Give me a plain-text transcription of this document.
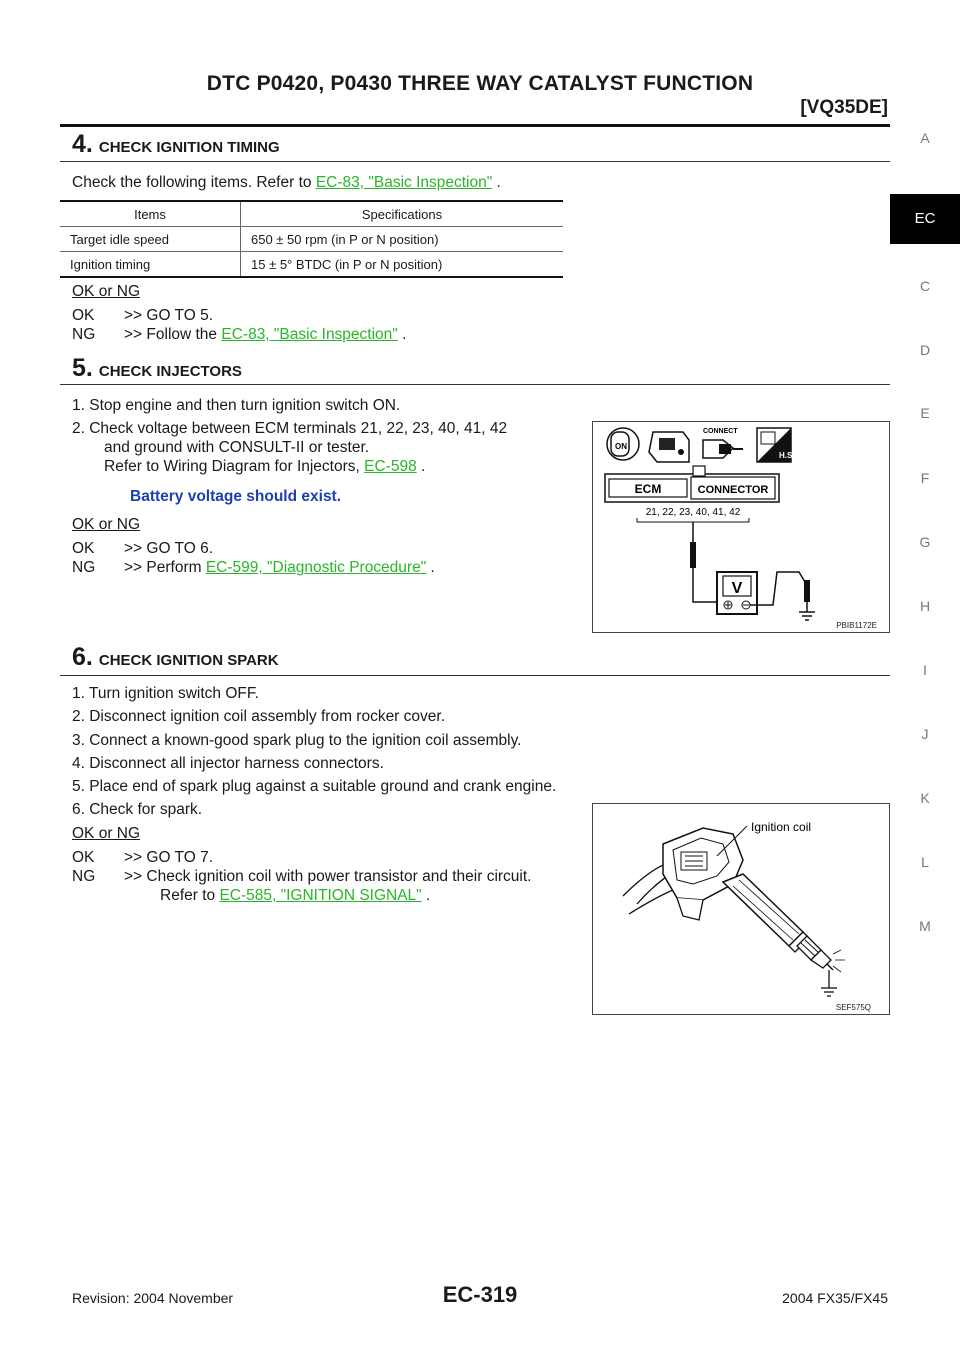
DTC P0420, P0430 THREE WAY CATALYST FUNCTION
[VQ35DE]
A
EC
C
D
E
F
G
H
I
J
K
L
M
4. CHECK IGNITION TIMING
Check the following items. Refer to EC-83, "Basic Inspection" .
Items	Specifications
Target idle speed	650 ± 50 rpm (in P or N position)
Ignition timing	15 ± 5° BTDC (in P or N position)
OK or NG
OK >> GO TO 5.
NG >> Follow the EC-83, "Basic Inspection" .
5. CHECK INJECTORS
1. Stop engine and then turn ignition switch ON.
2. Check voltage between ECM terminals 21, 22, 23, 40, 41, 42
and ground with CONSULT-II or tester.
Refer to Wiring Diagram for Injectors, EC-598 .
Battery voltage should exist.
OK or NG
OK >> GO TO 6.
NG >> Perform EC-599, "Diagnostic Procedure" .
ON
CONNECT
H.S.
ECM	CONNECTOR
21, 22, 23, 40, 41, 42
V
PBIB1172E
6. CHECK IGNITION SPARK
1. Turn ignition switch OFF.
2. Disconnect ignition coil assembly from rocker cover.
3. Connect a known-good spark plug to the ignition coil assembly.
4. Disconnect all injector harness connectors.
5. Place end of spark plug against a suitable ground and crank engine.
6. Check for spark.
OK or NG
OK >> GO TO 7.
NG >> Check ignition coil with power transistor and their circuit.
Refer to EC-585, "IGNITION SIGNAL" .
Ignition coil
SEF575Q
Revision: 2004 November	EC-319	2004 FX35/FX45
